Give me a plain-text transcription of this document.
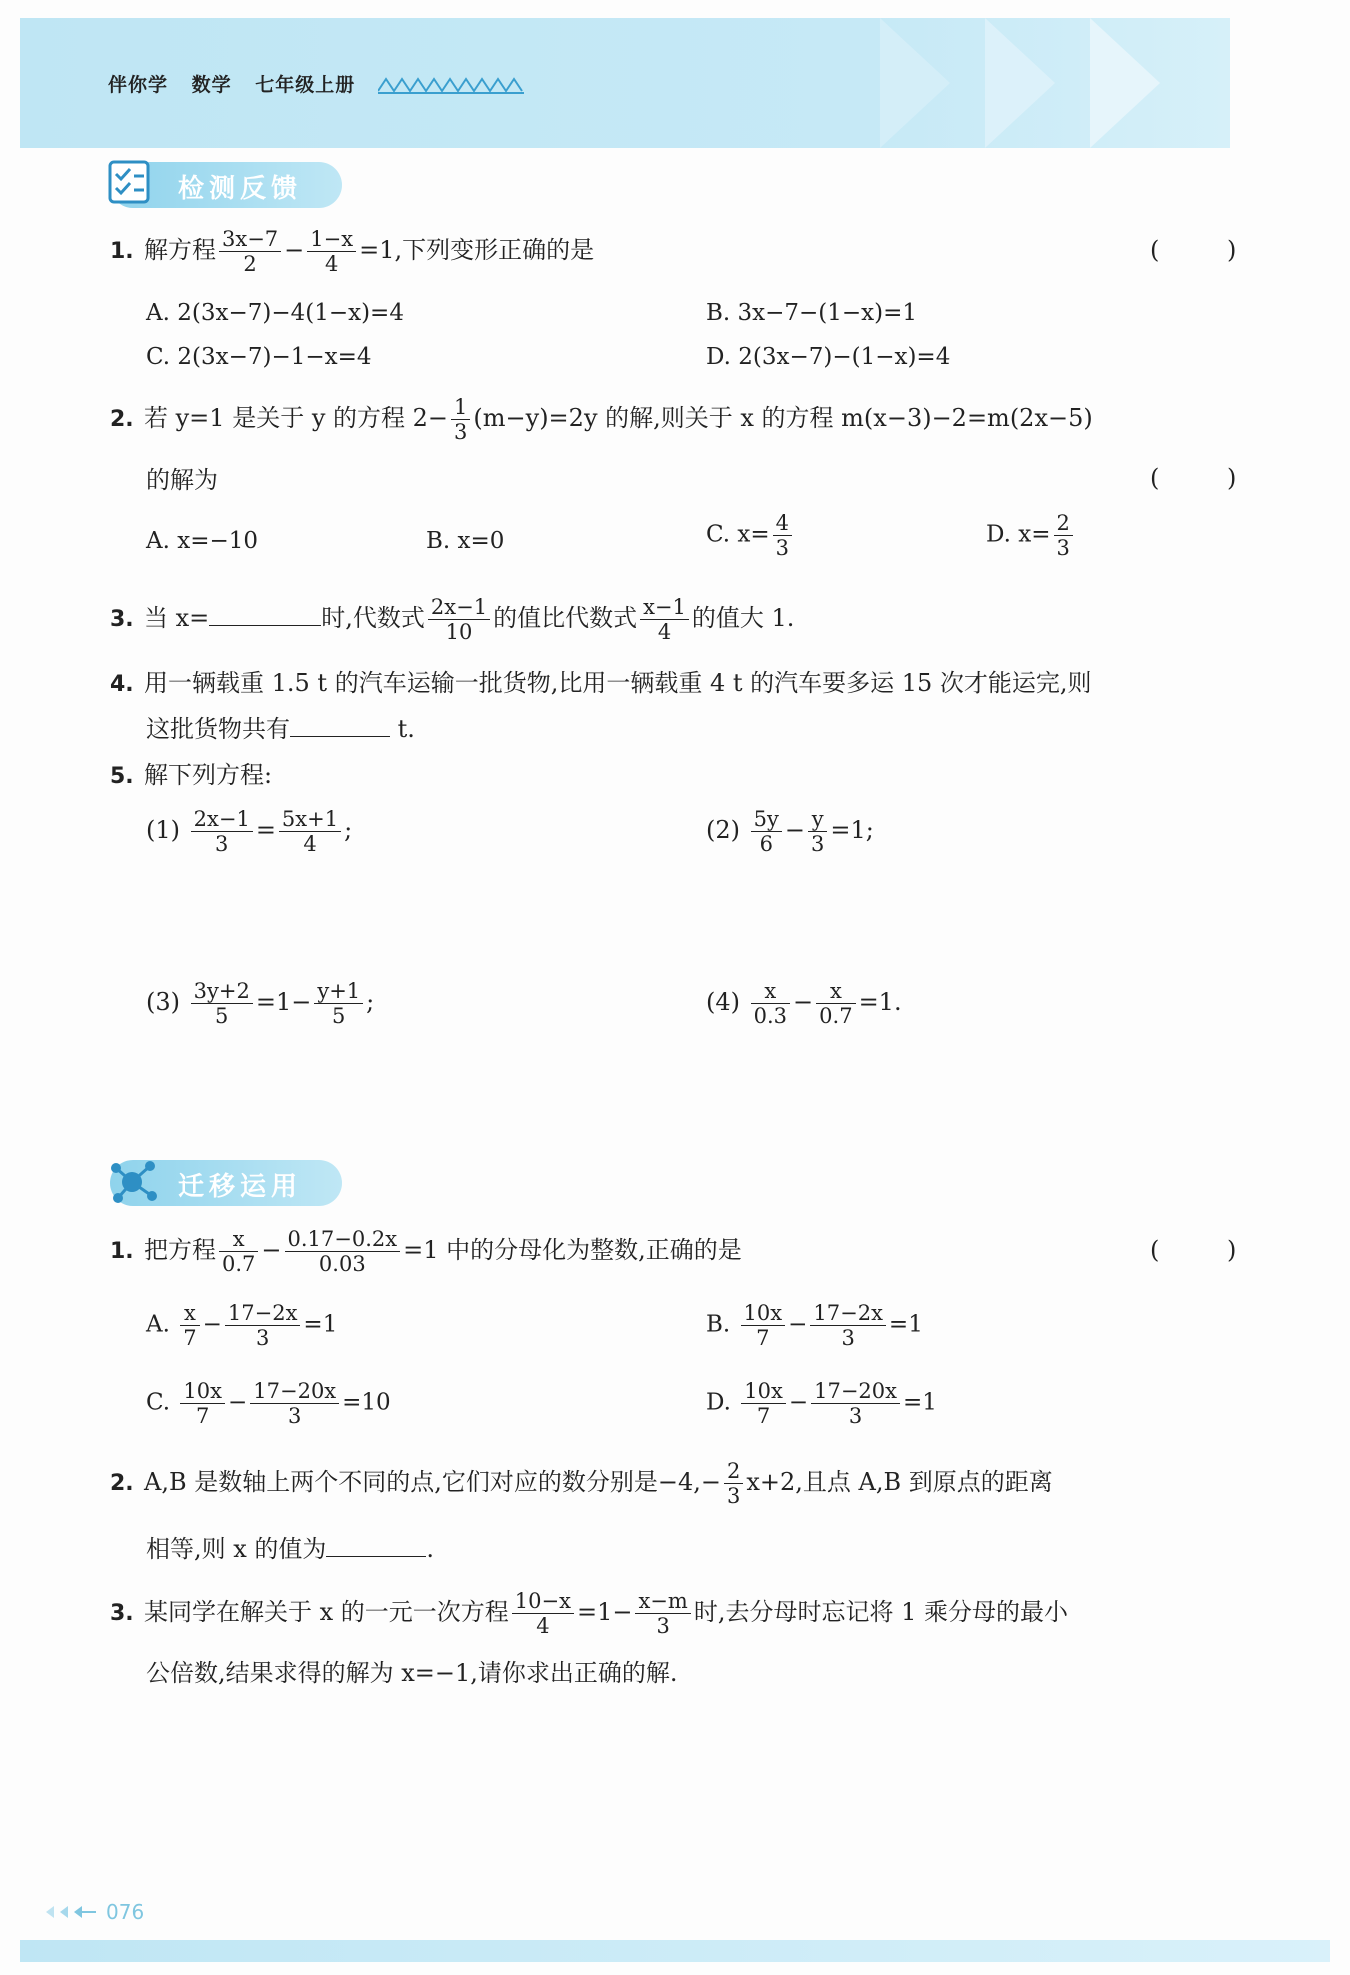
伴你学 数学 七年级上册
检测反馈
1. 解方程 $\frac{3x-7}{2} - \frac{1-x}{4} =1$,下列变形正确的是	( )
A. 2(3x−7)−4(1−x)=4	B. 3x−7−(1−x)=1
C. 2(3x−7)−1−x=4	D. 2(3x−7)−(1−x)=4
2. 若 y=1 是关于 y 的方程 $2- \frac{1}{3} (m-y)=2y$ 的解,则关于 x 的方程 m(x−3)−2=m(2x−5)
的解为	( )
A. x=−10	B. x=0	C. $x= \frac{4}{3}$	D. $x= \frac{2}{3}$
3. 当 x=	时,代数式 $\frac{2x-1}{10}$ 的值比代数式 $\frac{x-1}{4}$ 的值大 1.
4. 用一辆载重 1.5 t 的汽车运输一批货物,比用一辆载重 4 t 的汽车要多运 15 次才能运完,则
这批货物共有	t.
5. 解下列方程:
$(1) \frac{2x-1}{3} = \frac{5x+1}{4}$ ;	$(2) \frac{5y}{6} - \frac{y}{3} =1$;
$(3) \frac{3y+2}{5} =1- \frac{y+1}{5}$ ;	$(4) \frac{x}{0.3} - \frac{x}{0.7} =1$.
迁移运用
1. 把方程 $\frac{x}{0.7} - \frac{0.17-0.2x}{0.03} =1$ 中的分母化为整数,正确的是	( )
A. $\frac{x}{7} - \frac{17-2x}{3} =1$	B. $\frac{10x}{7} - \frac{17-2x}{3} =1$
C. $\frac{10x}{7} - \frac{17-20x}{3} =10$	D. $\frac{10x}{7} - \frac{17-20x}{3} =1$
2. A,B 是数轴上两个不同的点,它们对应的数分别是$-4,- \frac{2}{3} x+2$,且点 A,B 到原点的距离
相等,则 x 的值为	.
3. 某同学在解关于 x 的一元一次方程 $\frac{10-x}{4} =1- \frac{x-m}{3}$ 时,去分母时忘记将 1 乘分母的最小
公倍数,结果求得的解为 x=−1,请你求出正确的解.
076
